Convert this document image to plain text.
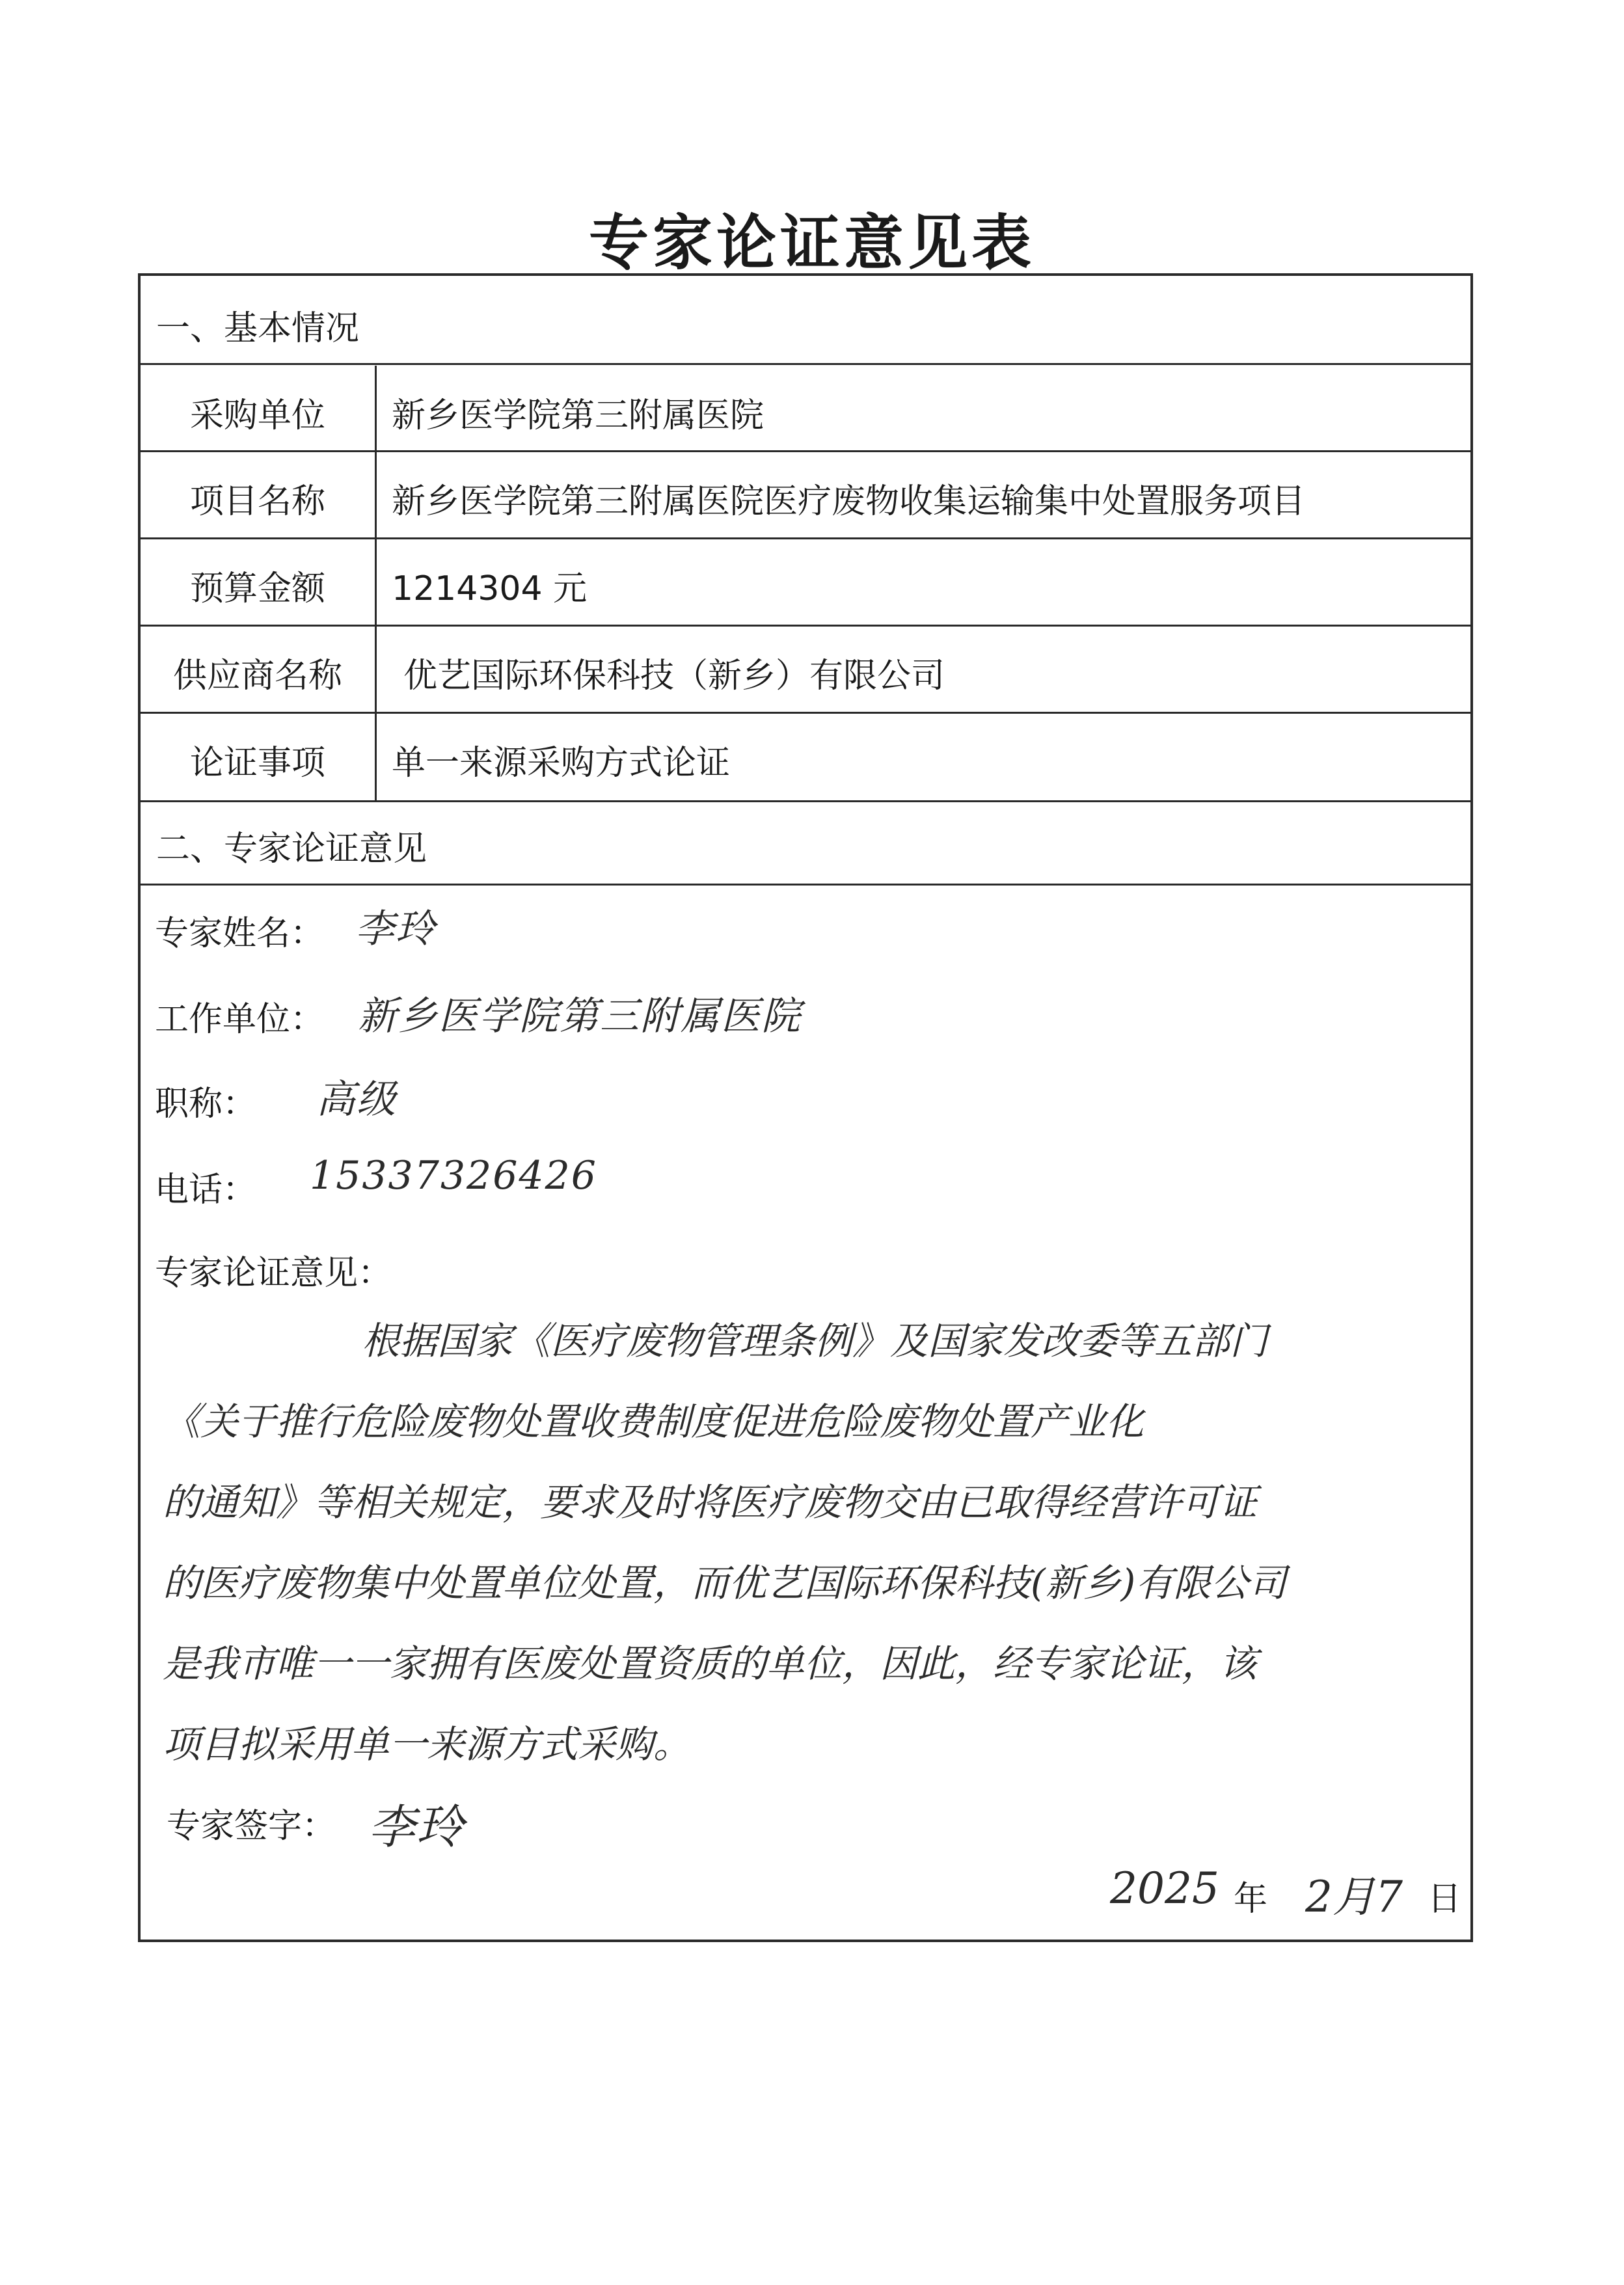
专家论证意见表
一、基本情况
采购单位	新乡医学院第三附属医院
项目名称	新乡医学院第三附属医院医疗废物收集运输集中处置服务项目
预算金额	1214304 元
供应商名称	优艺国际环保科技（新乡）有限公司
论证事项	单一来源采购方式论证
二、专家论证意见
专家姓名： 李玲
工作单位： 新乡医学院第三附属医院
职称： 高级
电话： 15337326426
专家论证意见：
根据国家《医疗废物管理条例》及国家发改委等五部门
《关于推行危险废物处置收费制度促进危险废物处置产业化
的通知》等相关规定，要求及时将医疗废物交由已取得经营许可证
的医疗废物集中处置单位处置，而优艺国际环保科技(新乡)有限公司
是我市唯一一家拥有医废处置资质的单位，因此，经专家论证，该
项目拟采用单一来源方式采购。
专家签字： 李玲
2025 年 2月7 日
